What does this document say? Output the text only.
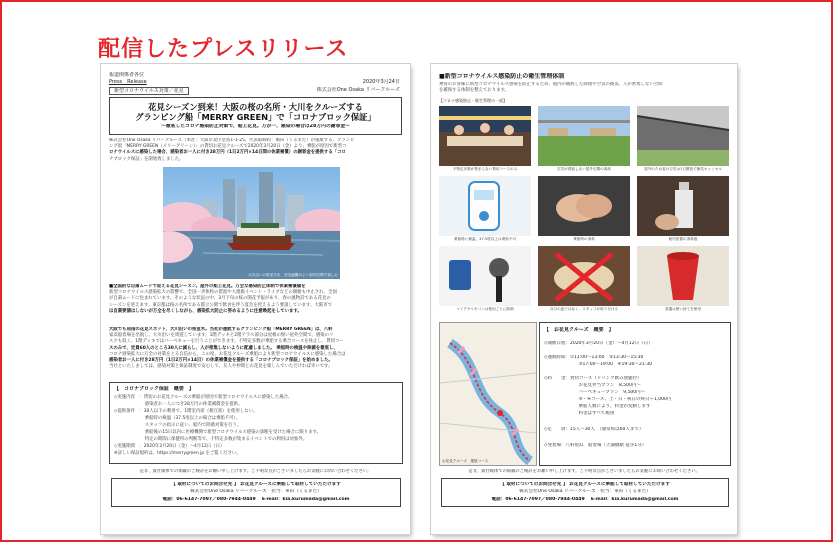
配信したプレスリリース
報道関係者各位
Press　Release
新型コロナウイルス対策／花見
2020年3月24日
株式会社One Osaka リバークルーズ
花見シーズン到来！大阪の桜の名所・大川をクルーズする
グランピング船「MERRY GREEN」で「コロナブロック保証」
～徹底したコロナ感染防止対策で、船上花見。万が一、感染の場合は28万円の謝罪金～
株式会社One Osaka リバークルーズ（本社：大阪市北区堂島1-1-25、代表取締役：堀田（くるまだ）が運航する、グランピ
ング船「MERRY GREEN（メリーグリーン）」の貸切お花見クルーズで2020年3月20日（金）より、乗船が原因で新型コ
ロナウイルスに感染した場合、感染者お一人に付き28万円（1日2万円×14日間の休業補償）の謝罪金を提供する「コロ
ナブロック保証」を開始致しました。
大川沿いの桜並木を、至近距離のよい船内空間で楽しむ
■全国的な自粛ムードで迎える花見シーズン。屋外の船上花見。万全な感染防止体制で休業補償額を
新型コロナウイルス感染拡大の影響で、全国一斉休校の措置や大規模イベント・ライブなどの開催も中止され、全国
が自粛ムードに包まれています。そのような状況の中、3月下旬の桜の開花予報があり、春の風物詩である花見の
シーズンを迎えます。東京都は桜の名所である都立公園で飲食を伴う宴会を控えるよう要請しています。大阪市で
は自粛要請はしないが万全を尽くしながら、感染拡大防止に努めるように注意喚起をしています。
大阪でも屈指の花見スポット、大川沿いの桜並木。当社が運航するグランピング船「MERRY GREEN」は、八軒
家浜船着場を出航し、大川沿いを周遊しています。1階デッキと2階テラス部分は屋根の無い屋外空間で、感染のリ
スクも低く、1階デッキではバーベキューを行うことができます。不特定多数が乗船する乗合コースを休止し、貸切コー
スのみで、定員60人のところ30人に減らし、人が密集しないように配慮しました。 乗船時の検温や除菌を徹底し、
コロナ感染拡大に万全の対策をとる自信から、この度、お花見クルーズ乗船により新型コロナウイルスに感染した場合は
感染者お一人に付き28万円（1日2万円×14日）の休業補償金を提供する「コロナブロック保証」を始めました。
当社といたしましては、感染対策と保証制度で安心して、友人や仲間とお花見を楽しんでいただければ幸いです。
【　コロナブロック保証　概要　】
◇実施内容　：貸切のお花見クルーズの乗船が原因で新型コロナウイルスに感染した場合、
　　　　　　　感染者お一人につき28万円の休業補償金を提供。
◇提供条件　：30人以下の利用で、1階室内席（相互席）を使用しない。
　　　　　　　乗船時の検温（37.5度以上の場合は乗船不可）。
　　　　　　　スタッフの指示に従い、船内で除菌対策を行う。
　　　　　　　乗船後の15日以内に医療機関で新型コロナウイルス感染の診断を受けた場合に限ります。
　　　　　　　特定の期間に保健所の判断等で、不特定多数が集まるイベントでの利用は対象外。
◇実施期間　：2020年3月20日（金）～4月12日（日）
※詳しい保証規約は、https://merrygreen.jp をご覧ください。
是非、貴社媒体での掲載のご検討をお願い申し上げます。ご不明な点がございましたらお気軽にお問い合わせください。
【 取材についてのお問合せ先 】 お花見クルーズに乗船して取材していただけます
株式会社One Osaka リバークルーズ　担当：車田（くるまだ）
電話：06-6147-7097／080-7944-0449　 E-mail：kia.kurumada@gmail.com
■新型コロナウイルス感染防止の衛生管理体制
乗客のお客様に新型コロナウイルス感染を防止するため、船内の徹底した除菌や空気の換気、人が密集しない空間
を確保する体制を整えております。
【コロナ感染防止・衛生管理の一部】
不特定多数が集まらない貸切コースのみ	空気が滞留しない屋外空間の客席	屋外のため窓の空気は1日開放で換気キャンセル
乗船時に検温、37.5度以上は乗船不可	乗船時の消毒	船内設置の消毒液
マイクやリモコンは使用ごとに除菌	自分の皿ではなく、スタッフが取り分ける	食器は使い捨てを使用
お花見クルーズ　運航コース
【　お花見クルーズ　概要　】
◇開催日程：2020年3月20日（金）～4月12日（日）
◇運航時間：①11:00～13:00　②13:30～15:30
　③17:00～19:00　④19:30～21:30
◇料　　金：貸切コース（ドリンク飲み放題付）
　お花見弁当プラン　8,500円～
　バーベキュープラン　9,500円～
　③・④コース、土・日・祝日の終日＋1,000円
　乗船人数により、料金が変動します
　料金はすべて税別
◇定　　員：15人～30人　（通常時は60人まで）
◇発着場：八軒屋浜　船着場（天満橋駅 徒歩1分）
是非、貴社媒体での掲載のご検討をお願い申し上げます。ご不明な点がございましたらお気軽にお問い合わせください。
【 取材についてのお問合せ先 】 お花見クルーズに乗船して取材していただけます
株式会社One Osaka リバークルーズ　担当：車田（くるまだ）
電話：06-6147-7097／080-7944-0449　 E-mail：kia.kurumada@gmail.com
